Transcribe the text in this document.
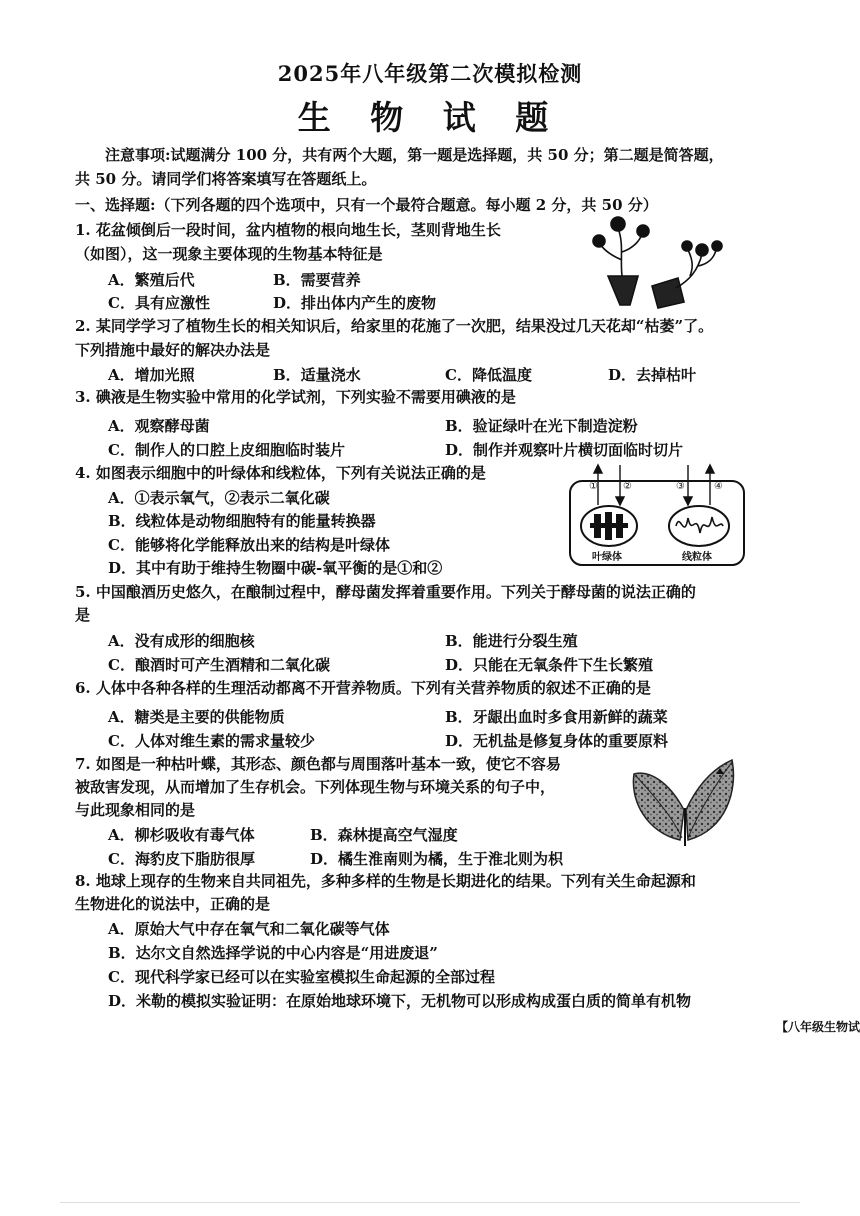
2025年八年级第二次模拟检测
生 物 试 题
注意事项:试题满分 100 分，共有两个大题，第一题是选择题，共 50 分；第二题是简答题，
共 50 分。请同学们将答案填写在答题纸上。
一、选择题:（下列各题的四个选项中，只有一个最符合题意。每小题 2 分，共 50 分）
1. 花盆倾倒后一段时间，盆内植物的根向地生长，茎则背地生长
（如图），这一现象主要体现的生物基本特征是
A．繁殖后代	B．需要营养
C．具有应激性	D．排出体内产生的废物
2. 某同学学习了植物生长的相关知识后，给家里的花施了一次肥，结果没过几天花却“枯萎”了。
下列措施中最好的解决办法是
A．增加光照	B．适量浇水	C．降低温度	D．去掉枯叶
3. 碘液是生物实验中常用的化学试剂，下列实验不需要用碘液的是
A．观察酵母菌	B．验证绿叶在光下制造淀粉
C．制作人的口腔上皮细胞临时装片	D．制作并观察叶片横切面临时切片
4. 如图表示细胞中的叶绿体和线粒体，下列有关说法正确的是
A．①表示氧气，②表示二氧化碳
B．线粒体是动物细胞特有的能量转换器
C．能够将化学能释放出来的结构是叶绿体
D．其中有助于维持生物圈中碳-氧平衡的是①和②
①	②	③	④
叶绿体	线粒体
5. 中国酿酒历史悠久，在酿制过程中，酵母菌发挥着重要作用。下列关于酵母菌的说法正确的
是
A．没有成形的细胞核	B．能进行分裂生殖
C．酿酒时可产生酒精和二氧化碳	D．只能在无氧条件下生长繁殖
6. 人体中各种各样的生理活动都离不开营养物质。下列有关营养物质的叙述不正确的是
A．糖类是主要的供能物质	B．牙龈出血时多食用新鲜的蔬菜
C．人体对维生素的需求量较少	D．无机盐是修复身体的重要原料
7. 如图是一种枯叶蝶，其形态、颜色都与周围落叶基本一致，使它不容易
被敌害发现，从而增加了生存机会。下列体现生物与环境关系的句子中，
与此现象相同的是
A．柳杉吸收有毒气体	B．森林提高空气湿度
C．海豹皮下脂肪很厚	D．橘生淮南则为橘，生于淮北则为枳
8. 地球上现存的生物来自共同祖先，多种多样的生物是长期进化的结果。下列有关生命起源和
生物进化的说法中，正确的是
A．原始大气中存在氧气和二氧化碳等气体
B．达尔文自然选择学说的中心内容是“用进废退”
C．现代科学家已经可以在实验室模拟生命起源的全部过程
D．米勒的模拟实验证明：在原始地球环境下，无机物可以形成构成蛋白质的简单有机物
【八年级生物试
